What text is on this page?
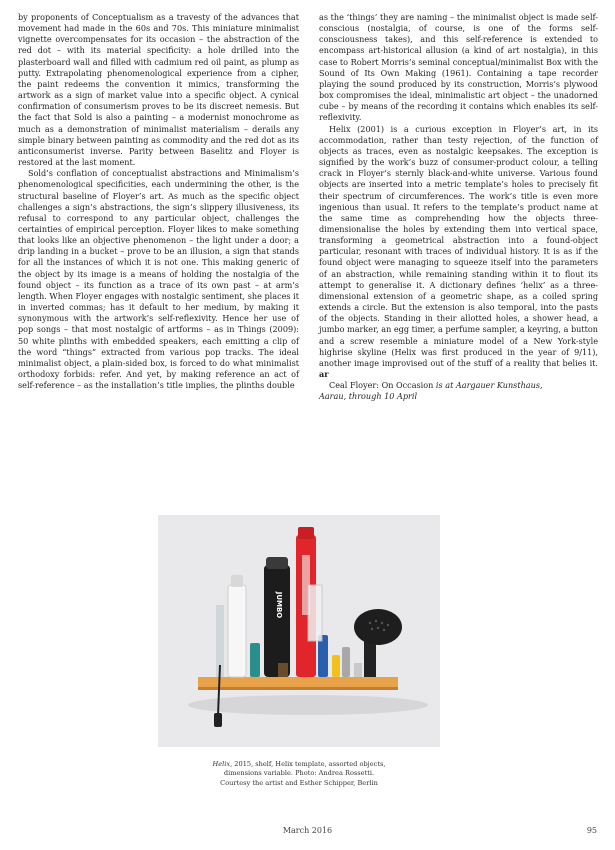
by proponents of Conceptualism as a travesty of the advances that movement had made in the 60s and 70s. This miniature minimalist vignette overcompensates for its occasion – the abstraction of the red dot – with its material specificity: a hole drilled into the plasterboard wall and filled with cadmium red oil paint, as plump as putty. Extrapolating phenomenological experience from a cipher, the paint redeems the convention it mimics, transforming the artwork as a sign of market value into a specific object. A cynical confirmation of consumerism proves to be its discreet nemesis. But the fact that Sold is also a painting – a modernist monochrome as much as a demonstration of minimalist materialism – derails any simple binary between painting as commodity and the red dot as its anticonsumerist inverse. Parity between Baselitz and Floyer is restored at the last moment.

Sold’s conflation of conceptualist abstractions and Minimalism’s phenomenological specificities, each undermining the other, is the structural baseline of Floyer’s art. As much as the specific object challenges a sign’s abstractions, the sign’s slippery illusiveness, its refusal to correspond to any particular object, challenges the certainties of empirical perception. Floyer likes to make something that looks like an objective phenomenon – the light under a door; a drip landing in a bucket – prove to be an illusion, a sign that stands for all the instances of which it is not one. This making generic of the object by its image is a means of holding the nostalgia of the found object – its function as a trace of its own past – at arm’s length. When Floyer engages with nostalgic sentiment, she places it in inverted commas; has it default to her medium, by making it synonymous with the artwork’s self-reflexivity. Hence her use of pop songs – that most nostalgic of artforms – as in Things (2009): 50 white plinths with embedded speakers, each emitting a clip of the word “things” extracted from various pop tracks. The ideal minimalist object, a plain-sided box, is forced to do what minimalist orthodoxy forbids: refer. And yet, by making reference an act of self-reference – as the installation’s title implies, the plinths double

as the ‘things’ they are naming – the minimalist object is made self-conscious (nostalgia, of course, is one of the forms self-consciousness takes), and this self-reference is extended to encompass art-historical allusion (a kind of art nostalgia), in this case to Robert Morris’s seminal conceptual/minimalist Box with the Sound of Its Own Making (1961). Containing a tape recorder playing the sound produced by its construction, Morris’s plywood box compromises the ideal, minimalistic art object – the unadorned cube – by means of the recording it contains which enables its self-reflexivity.

Helix (2001) is a curious exception in Floyer’s art, in its accommodation, rather than testy rejection, of the function of objects as traces, even as nostalgic keepsakes. The exception is signified by the work’s buzz of consumer-product colour, a telling crack in Floyer’s sternly black-and-white universe. Various found objects are inserted into a metric template’s holes to precisely fit their spectrum of circumferences. The work’s title is even more ingenious than usual. It refers to the template’s product name at the same time as comprehending how the objects three-dimensionalise the holes by extending them into vertical space, transforming a geometrical abstraction into a found-object particular, resonant with traces of individual history. It is as if the found object were managing to squeeze itself into the parameters of an abstraction, while remaining standing within it to flout its attempt to generalise it. A dictionary defines ‘helix’ as a three-dimensional extension of a geometric shape, as a coiled spring extends a circle. But the extension is also temporal, into the pasts of the objects. Standing in their allotted holes, a shower head, a jumbo marker, an egg timer, a perfume sampler, a keyring, a button and a screw resemble a miniature model of a New York-style highrise skyline (Helix was first produced in the year of 9/11), another image improvised out of the stuff of a reality that belies it. ar

Ceal Floyer: On Occasion is at Aargauer Kunsthaus,
Aarau, through 10 April

JUMBO
Helix, 2015, shelf, Helix template, assorted objects,
dimensions variable. Photo: Andrea Rossetti.
Courtesy the artist and Esther Schipper, Berlin
March 2016	95
